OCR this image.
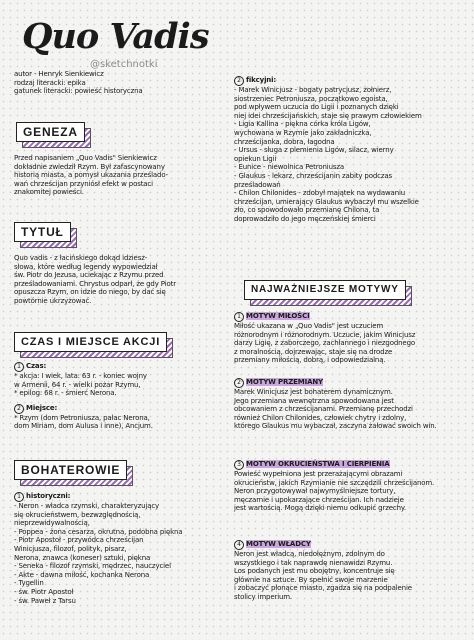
Quo Vadis
@sketchnotki

autor - Henryk Sienkiewicz

rodzaj literacki: epika

gatunek literacki: powieść historyczna

GENEZA

Przed napisaniem „Quo Vadis" Sienkiewicz
dokładnie zwiedził Rzym. Był zafascynowany
historią miasta, a pomysł ukazania prześlado-
wań chrześcijan przyniósł efekt w postaci
znakomitej powieści.

TYTUŁ

Quo vadis - z łacińskiego dokąd idziesz-
słowa, które według legendy wypowiedział
św. Piotr do Jezusa, uciekając z Rzymu przed
prześladowaniami. Chrystus odparł, że gdy Piotr
opuszcza Rzym, on idzie do niego, by dać się
powtórnie ukrzyżować.

CZAS I MIEJSCE AKCJI

1 Czas:

* akcja: I wiek, lata: 63 r. - koniec wojny
w Armenii, 64 r. - wielki pożar Rzymu,
* epilog: 68 r. - śmierć Nerona.

2 Miejsce:

* Rzym (dom Petroniusza, pałac Nerona,
dom Miriam, dom Aulusa i inne), Ancjum.

BOHATEROWIE

1 historyczni:

- Neron - władca rzymski, charakteryzujący
się okrucieństwem, bezwzględnością,
nieprzewidywalnością,
- Poppea - żona cesarza, okrutna, podobna piękna
- Piotr Apostoł - przywódca chrześcijan
Winicjusza, filozof, polityk, pisarz,
Nerona, znawca (koneser) sztuki, piękna
- Seneka - filozof rzymski, mędrzec, nauczyciel
- Akte - dawna miłość, kochanka Nerona
- Tygellin
- św. Piotr Apostoł
- św. Paweł z Tarsu

2 fikcyjni:

- Marek Winicjusz - bogaty patrycjusz, żołnierz,
siostrzeniec Petroniusza, początkowo egoista,
pod wpływem uczucia do Ligii i poznanych dzięki
niej idei chrześcijańskich, staje się prawym człowiekiem
- Ligia Kallina - piękna córka króla Ligów,
wychowana w Rzymie jako zakładniczka,
chrześcijanka, dobra, łagodna
- Ursus - sługa z plemienia Ligów, silacz, wierny
opiekun Ligii
- Eunice - niewolnica Petroniusza
- Glaukus - lekarz, chrześcijanin zabity podczas
prześladowań
- Chilon Chilonides - zdobył majątek na wydawaniu
chrześcijan, umierający Glaukus wybaczył mu wszelkie
zło, co spowodowało przemianę Chilona, ta
doprowadziło do jego męczeńskiej śmierci

NAJWAŻNIEJSZE MOTYWY

1 MOTYW MIŁOŚCI

Miłość ukazana w „Quo Vadis" jest uczuciem
różnorodnym i różnorodnym. Uczucie, jakim Winicjusz
darzy Ligię, z zaborczego, zachłannego i niezgodnego
z moralnością, dojrzewając, staje się na drodze
przemiany miłością, dobrą, i odpowiedzialną.

2 MOTYW PRZEMIANY

Marek Winicjusz jest bohaterem dynamicznym.
Jego przemiana wewnętrzna spowodowana jest
obcowaniem z chrześcijanami. Przemianę przechodzi
również Chilon Chilonides, człowiek chytry i zdolny,
którego Glaukus mu wybaczał, zaczyna żałować swoich win.

3 MOTYW OKRUCIEŃSTWA I CIERPIENIA

Powieść wypełniona jest przerażającymi obrazami
okrucieństw, jakich Rzymianie nie szczędzili chrześcijanom.
Neron przygotowywał najwymyślniejsze tortury,
męczarnie i upokarzające chrześcijan. Ich nadzieje
jest wartością. Mogą dzięki niemu odkupić grzechy.

4 MOTYW WŁADCY

Neron jest władcą, niedołężnym, zdolnym do
wszystkiego i tak naprawdę nienawidzi Rzymu.
Los podanych jest mu obojętny, koncentruje się
głównie na sztuce. By spełnić swoje marzenie
i zobaczyć płonące miasto, zgadza się na podpalenie
stolicy imperium.
